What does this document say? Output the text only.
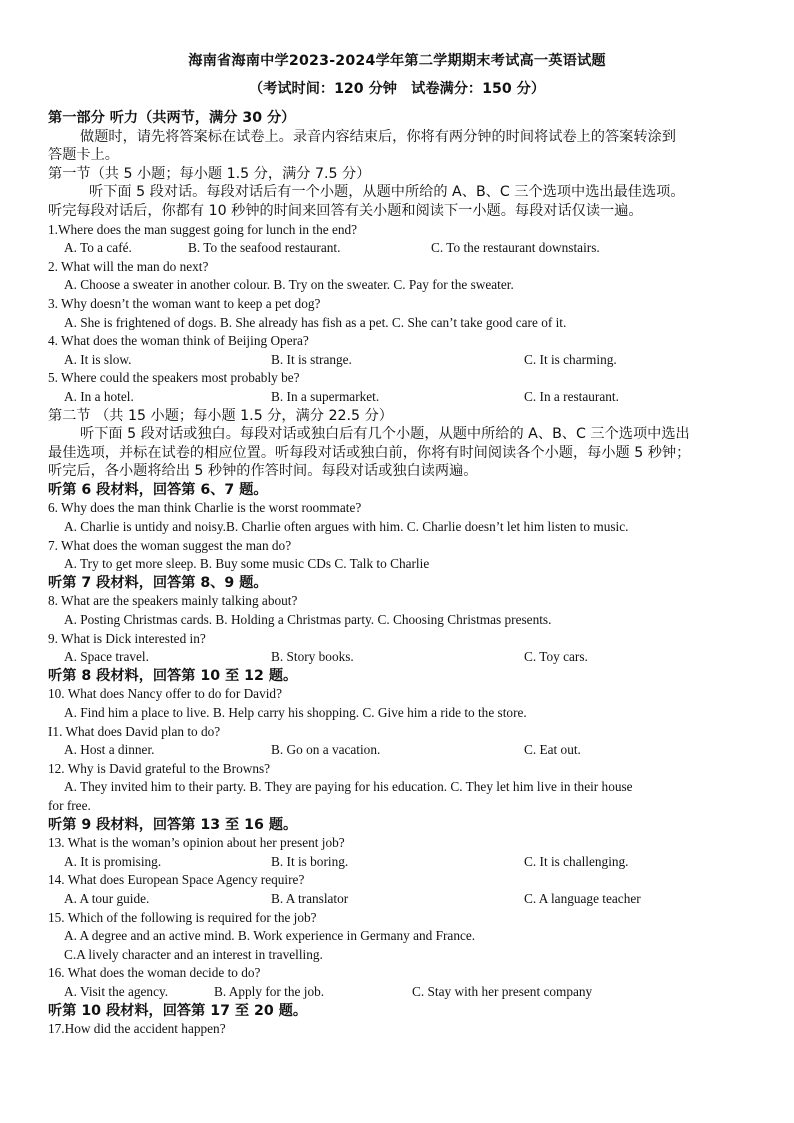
海南省海南中学2023-2024学年第二学期期末考试高一英语试题
（考试时间：120 分钟　试卷满分：150 分）
第一部分 听力（共两节，满分 30 分）
做题时，请先将答案标在试卷上。录音内容结束后，你将有两分钟的时间将试卷上的答案转涂到
答题卡上。
第一节（共 5 小题；每小题 1.5 分，满分 7.5 分）
听下面 5 段对话。每段对话后有一个小题，从题中所给的 A、B、C 三个选项中选出最佳选项。
听完每段对话后，你都有 10 秒钟的时间来回答有关小题和阅读下一小题。每段对话仅读一遍。
1.Where does the man suggest going for lunch in the end?
A. To a café.	B. To the seafood restaurant.	C. To the restaurant downstairs.
2. What will the man do next?
A. Choose a sweater in another colour. B. Try on the sweater. C. Pay for the sweater.
3. Why doesn’t the woman want to keep a pet dog?
A. She is frightened of dogs. B. She already has fish as a pet. C. She can’t take good care of it.
4. What does the woman think of Beijing Opera?
A. It is slow.	B. It is strange.	C. It is charming.
5. Where could the speakers most probably be?
A. In a hotel.	B. In a supermarket.	C. In a restaurant.
第二节 （共 15 小题；每小题 1.5 分，满分 22.5 分）
听下面 5 段对话或独白。每段对话或独白后有几个小题，从题中所给的 A、B、C 三个选项中选出
最佳选项，并标在试卷的相应位置。听每段对话或独白前，你将有时间阅读各个小题，每小题 5 秒钟；
听完后，各小题将给出 5 秒钟的作答时间。每段对话或独白读两遍。
听第 6 段材料，回答第 6、7 题。
6. Why does the man think Charlie is the worst roommate?
A. Charlie is untidy and noisy.B. Charlie often argues with him. C. Charlie doesn’t let him listen to music.
7. What does the woman suggest the man do?
A. Try to get more sleep. B. Buy some music CDs C. Talk to Charlie
听第 7 段材料，回答第 8、9 题。
8. What are the speakers mainly talking about?
A. Posting Christmas cards. B. Holding a Christmas party. C. Choosing Christmas presents.
9. What is Dick interested in?
A. Space travel.	B. Story books.	C. Toy cars.
听第 8 段材料，回答第 10 至 12 题。
10. What does Nancy offer to do for David?
A. Find him a place to live. B. Help carry his shopping. C. Give him a ride to the store.
I1. What does David plan to do?
A. Host a dinner.	B. Go on a vacation.	C. Eat out.
12. Why is David grateful to the Browns?
A. They invited him to their party. B. They are paying for his education. C. They let him live in their house
for free.
听第 9 段材料，回答第 13 至 16 题。
13. What is the woman’s opinion about her present job?
A. It is promising.	B. It is boring.	C. It is challenging.
14. What does European Space Agency require?
A. A tour guide.	B. A translator	C. A language teacher
15. Which of the following is required for the job?
A. A degree and an active mind. B. Work experience in Germany and France.
C.A lively character and an interest in travelling.
16. What does the woman decide to do?
A. Visit the agency.	B. Apply for the job.	C. Stay with her present company
听第 10 段材料，回答第 17 至 20 题。
17.How did the accident happen?
